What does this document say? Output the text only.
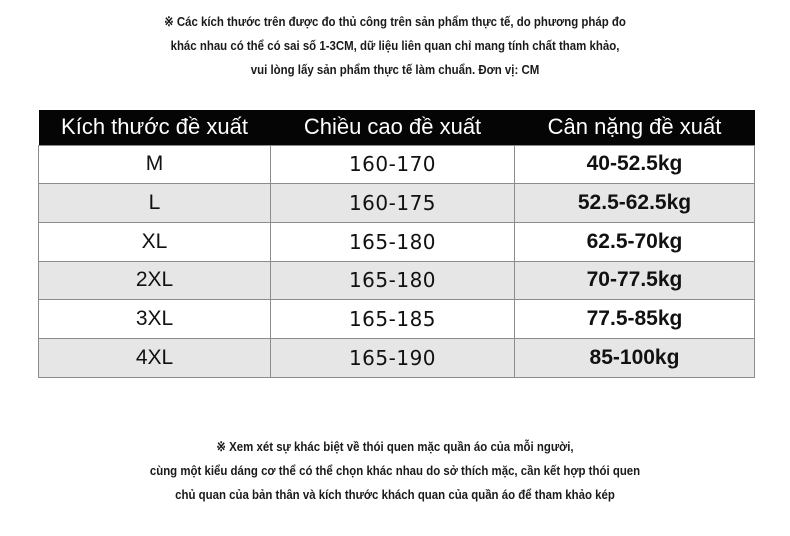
※ Các kích thước trên được đo thủ công trên sản phẩm thực tế, do phương pháp đo
khác nhau có thể có sai số 1-3CM, dữ liệu liên quan chỉ mang tính chất tham khảo,
vui lòng lấy sản phẩm thực tế làm chuẩn. Đơn vị: CM
Kích thước đề xuất	Chiều cao đề xuất	Cân nặng đề xuất
M	160-170	40-52.5kg
L	160-175	52.5-62.5kg
XL	165-180	62.5-70kg
2XL	165-180	70-77.5kg
3XL	165-185	77.5-85kg
4XL	165-190	85-100kg
※ Xem xét sự khác biệt về thói quen mặc quần áo của mỗi người,
cùng một kiểu dáng cơ thể có thể chọn khác nhau do sở thích mặc, cần kết hợp thói quen
chủ quan của bản thân và kích thước khách quan của quần áo để tham khảo kép
